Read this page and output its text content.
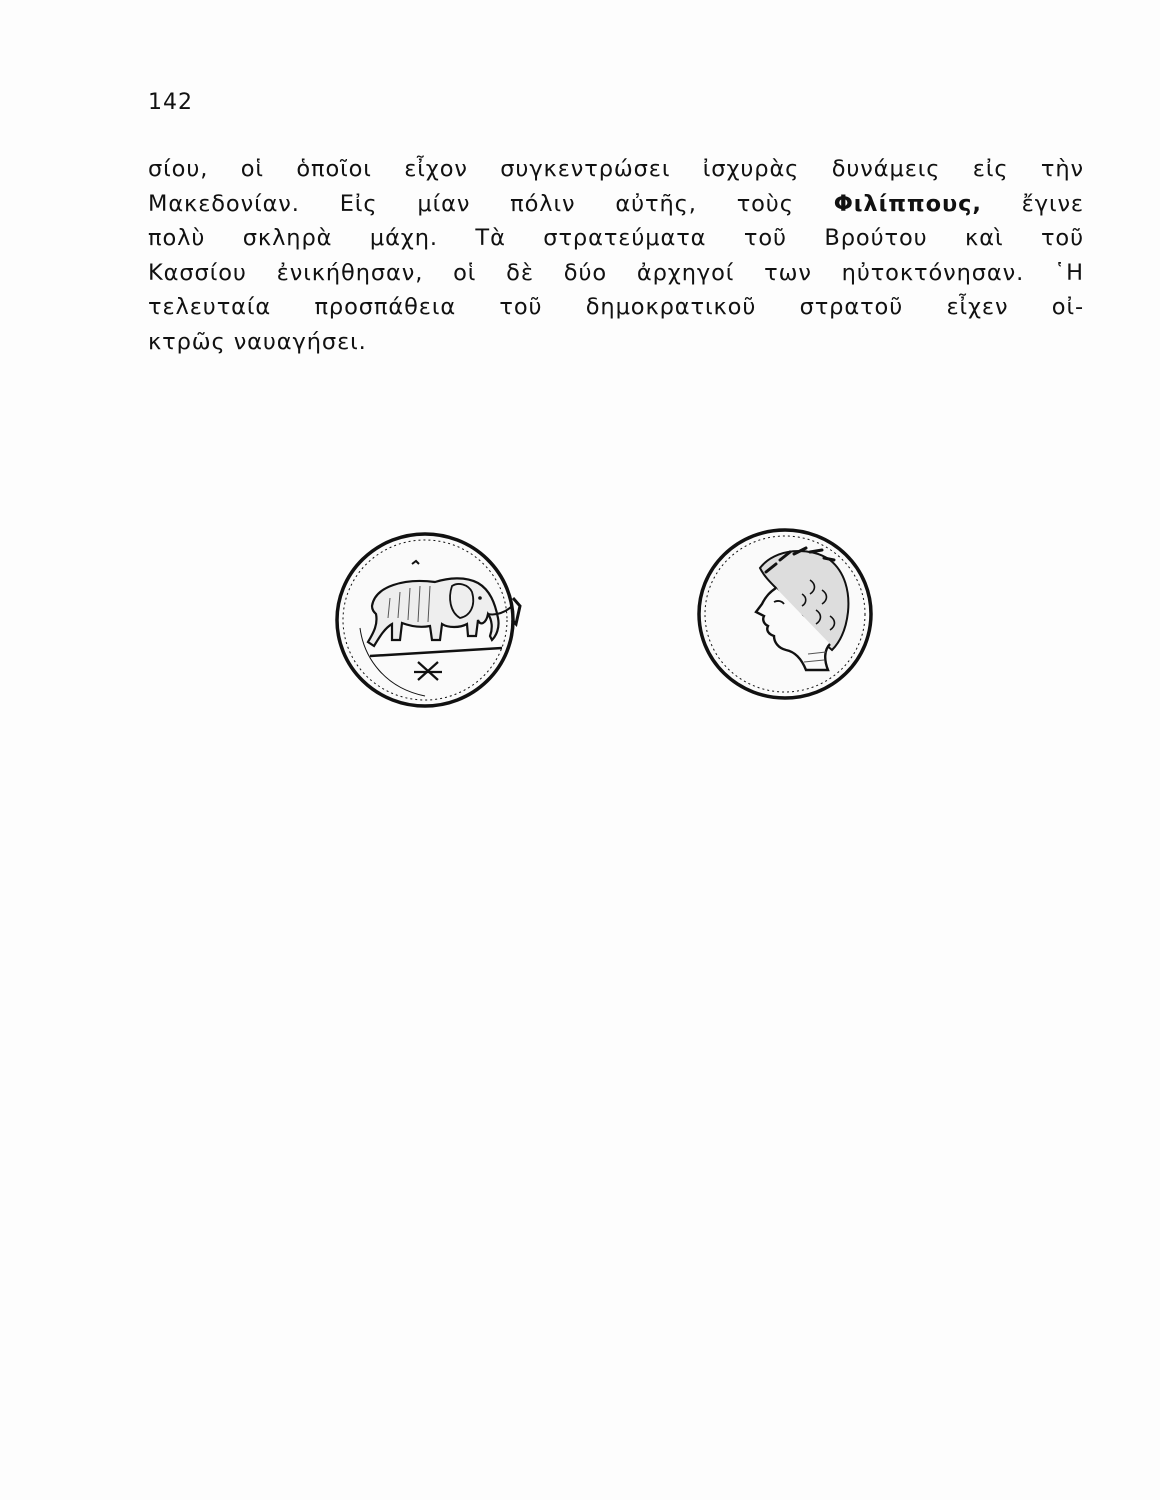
142
σίου, οἱ ὁποῖοι εἶχον συγκεντρώσει ἰσχυρὰς δυνάμεις εἰς τὴν
Μακεδονίαν. Εἰς μίαν πόλιν αὐτῆς, τοὺς Φιλίππους, ἔγινε
πολὺ σκληρὰ μάχη. Τὰ στρατεύματα τοῦ Βρούτου καὶ τοῦ
Κασσίου ἐνικήθησαν, οἱ δὲ δύο ἀρχηγοί των ηὐτοκτόνησαν. ῾Η
τελευταία προσπάθεια τοῦ δημοκρατικοῦ στρατοῦ εἶχεν οἰ-
κτρῶς ναυαγήσει.
